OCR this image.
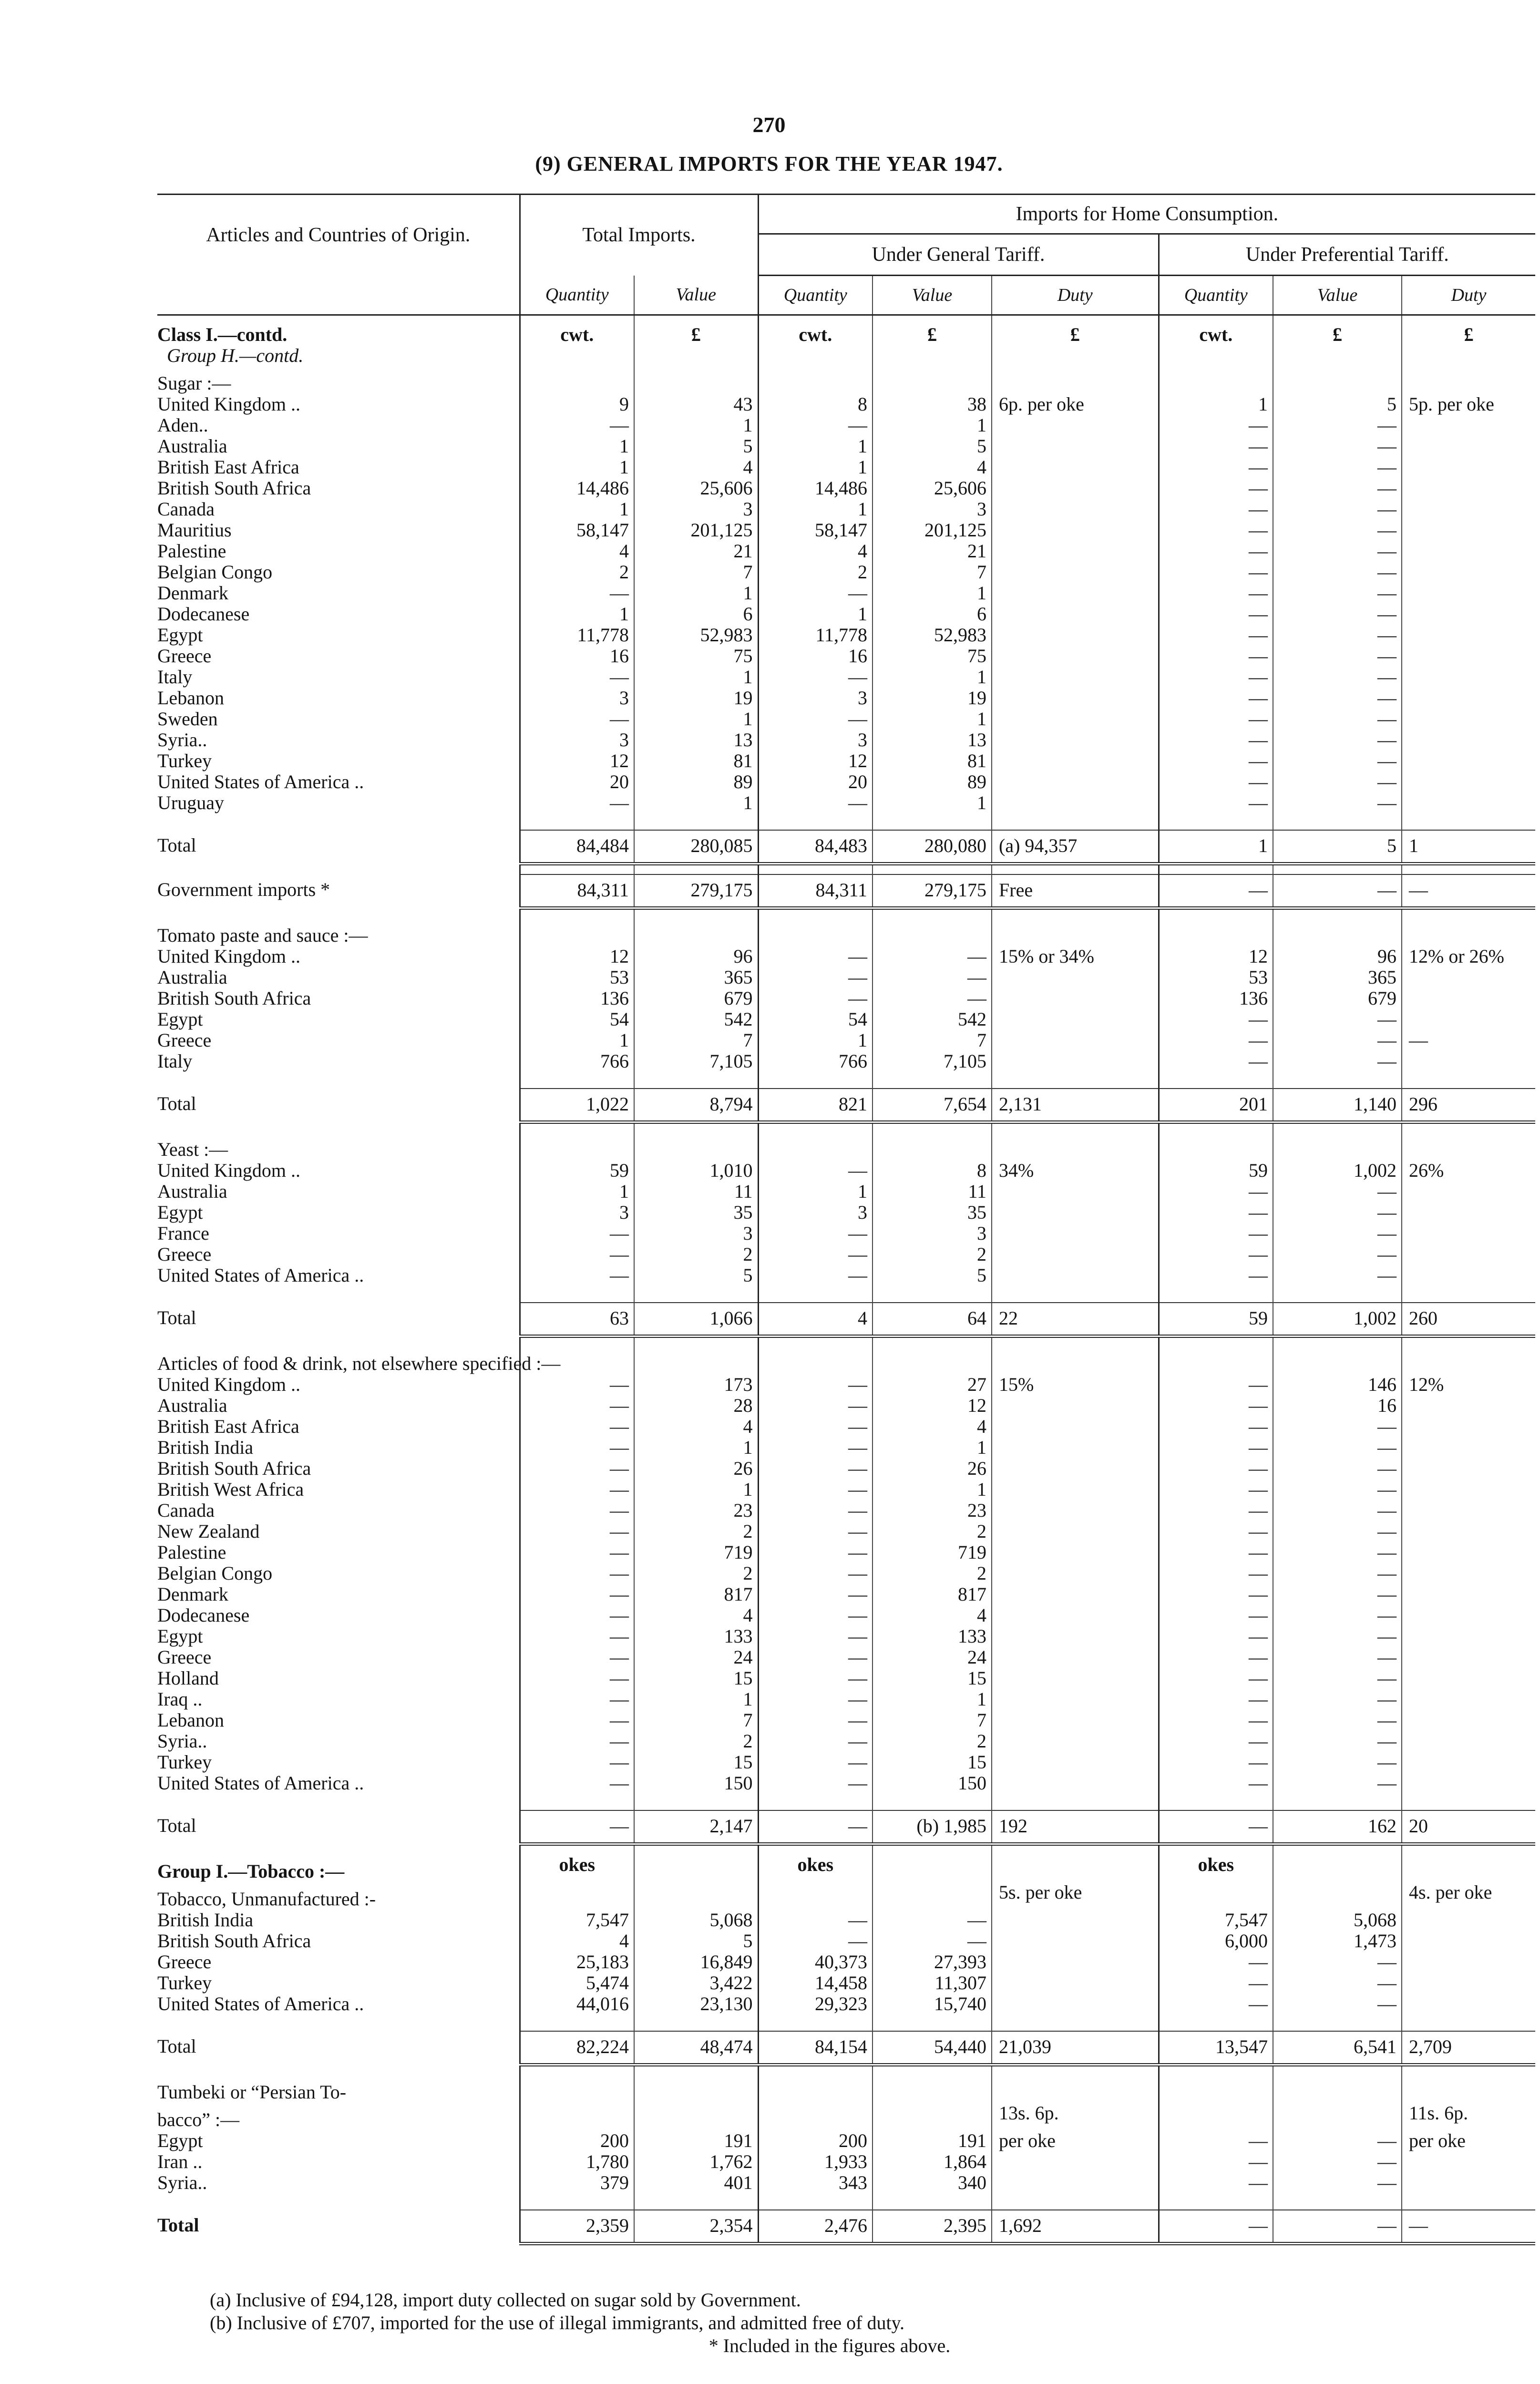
270
(9) GENERAL IMPORTS FOR THE YEAR 1947.
Articles and Countries of Origin.	Total Imports.		Imports for Home Consumption.					
			Under General Tariff.			Under Preferential Tariff.		
	Quantity	Value	Quantity	Value	Duty	Quantity	Value	Duty
Class I.—contd.	cwt.	£	cwt.	£	£	cwt.	£	£
Group H.—contd.								
Sugar :—								
United Kingdom ..	9	43	8	38	6p. per oke	1	5	5p. per oke
Aden..	—	1	—	1		—	—	
Australia	1	5	1	5		—	—	
British East Africa	1	4	1	4		—	—	
British South Africa	14,486	25,606	14,486	25,606		—	—	
Canada	1	3	1	3		—	—	
Mauritius	58,147	201,125	58,147	201,125		—	—	
Palestine	4	21	4	21		—	—	
Belgian Congo	2	7	2	7		—	—	
Denmark	—	1	—	1		—	—	
Dodecanese	1	6	1	6		—	—	
Egypt	11,778	52,983	11,778	52,983		—	—	
Greece	16	75	16	75		—	—	
Italy	—	1	—	1		—	—	
Lebanon	3	19	3	19		—	—	
Sweden	—	1	—	1		—	—	
Syria..	3	13	3	13		—	—	
Turkey	12	81	12	81		—	—	
United States of America ..	20	89	20	89		—	—	
Uruguay	—	1	—	1		—	—	

Total	84,484	280,085	84,483	280,080	(a) 94,357	1	5	1

Government imports *	84,311	279,175	84,311	279,175	Free	—	—	—

Tomato paste and sauce :—								
United Kingdom ..	12	96	—	—	15% or 34%	12	96	12% or 26%
Australia	53	365	—	—		53	365	
British South Africa	136	679	—	—		136	679	
Egypt	54	542	54	542		—	—	
Greece	1	7	1	7		—	—	—
Italy	766	7,105	766	7,105		—	—	

Total	1,022	8,794	821	7,654	2,131	201	1,140	296

Yeast :—								
United Kingdom ..	59	1,010	—	8	34%	59	1,002	26%
Australia	1	11	1	11		—	—	
Egypt	3	35	3	35		—	—	
France	—	3	—	3		—	—	
Greece	—	2	—	2		—	—	
United States of America ..	—	5	—	5		—	—	

Total	63	1,066	4	64	22	59	1,002	260

Articles of food & drink, not elsewhere specified :—								
United Kingdom ..	—	173	—	27	15%	—	146	12%
Australia	—	28	—	12		—	16	
British East Africa	—	4	—	4		—	—	
British India	—	1	—	1		—	—	
British South Africa	—	26	—	26		—	—	
British West Africa	—	1	—	1		—	—	
Canada	—	23	—	23		—	—	
New Zealand	—	2	—	2		—	—	
Palestine	—	719	—	719		—	—	
Belgian Congo	—	2	—	2		—	—	
Denmark	—	817	—	817		—	—	
Dodecanese	—	4	—	4		—	—	
Egypt	—	133	—	133		—	—	
Greece	—	24	—	24		—	—	
Holland	—	15	—	15		—	—	
Iraq ..	—	1	—	1		—	—	
Lebanon	—	7	—	7		—	—	
Syria..	—	2	—	2		—	—	
Turkey	—	15	—	15		—	—	
United States of America ..	—	150	—	150		—	—	

Total	—	2,147	—	(b) 1,985	192	—	162	20

Group I.—Tobacco :—	okes		okes			okes		
Tobacco, Unmanufactured :-					5s. per oke			4s. per oke
British India	7,547	5,068	—	—		7,547	5,068	
British South Africa	4	5	—	—		6,000	1,473	
Greece	25,183	16,849	40,373	27,393		—	—	
Turkey	5,474	3,422	14,458	11,307		—	—	
United States of America ..	44,016	23,130	29,323	15,740		—	—	

Total	82,224	48,474	84,154	54,440	21,039	13,547	6,541	2,709

Tumbeki or “Persian To-								
bacco” :—					13s. 6p.			11s. 6p.
Egypt	200	191	200	191	per oke	—	—	per oke
Iran ..	1,780	1,762	1,933	1,864		—	—	
Syria..	379	401	343	340		—	—	

Total	2,359	2,354	2,476	2,395	1,692	—	—	—
(a) Inclusive of £94,128, import duty collected on sugar sold by Government.
(b) Inclusive of £707, imported for the use of illegal immigrants, and admitted free of duty.
* Included in the figures above.
